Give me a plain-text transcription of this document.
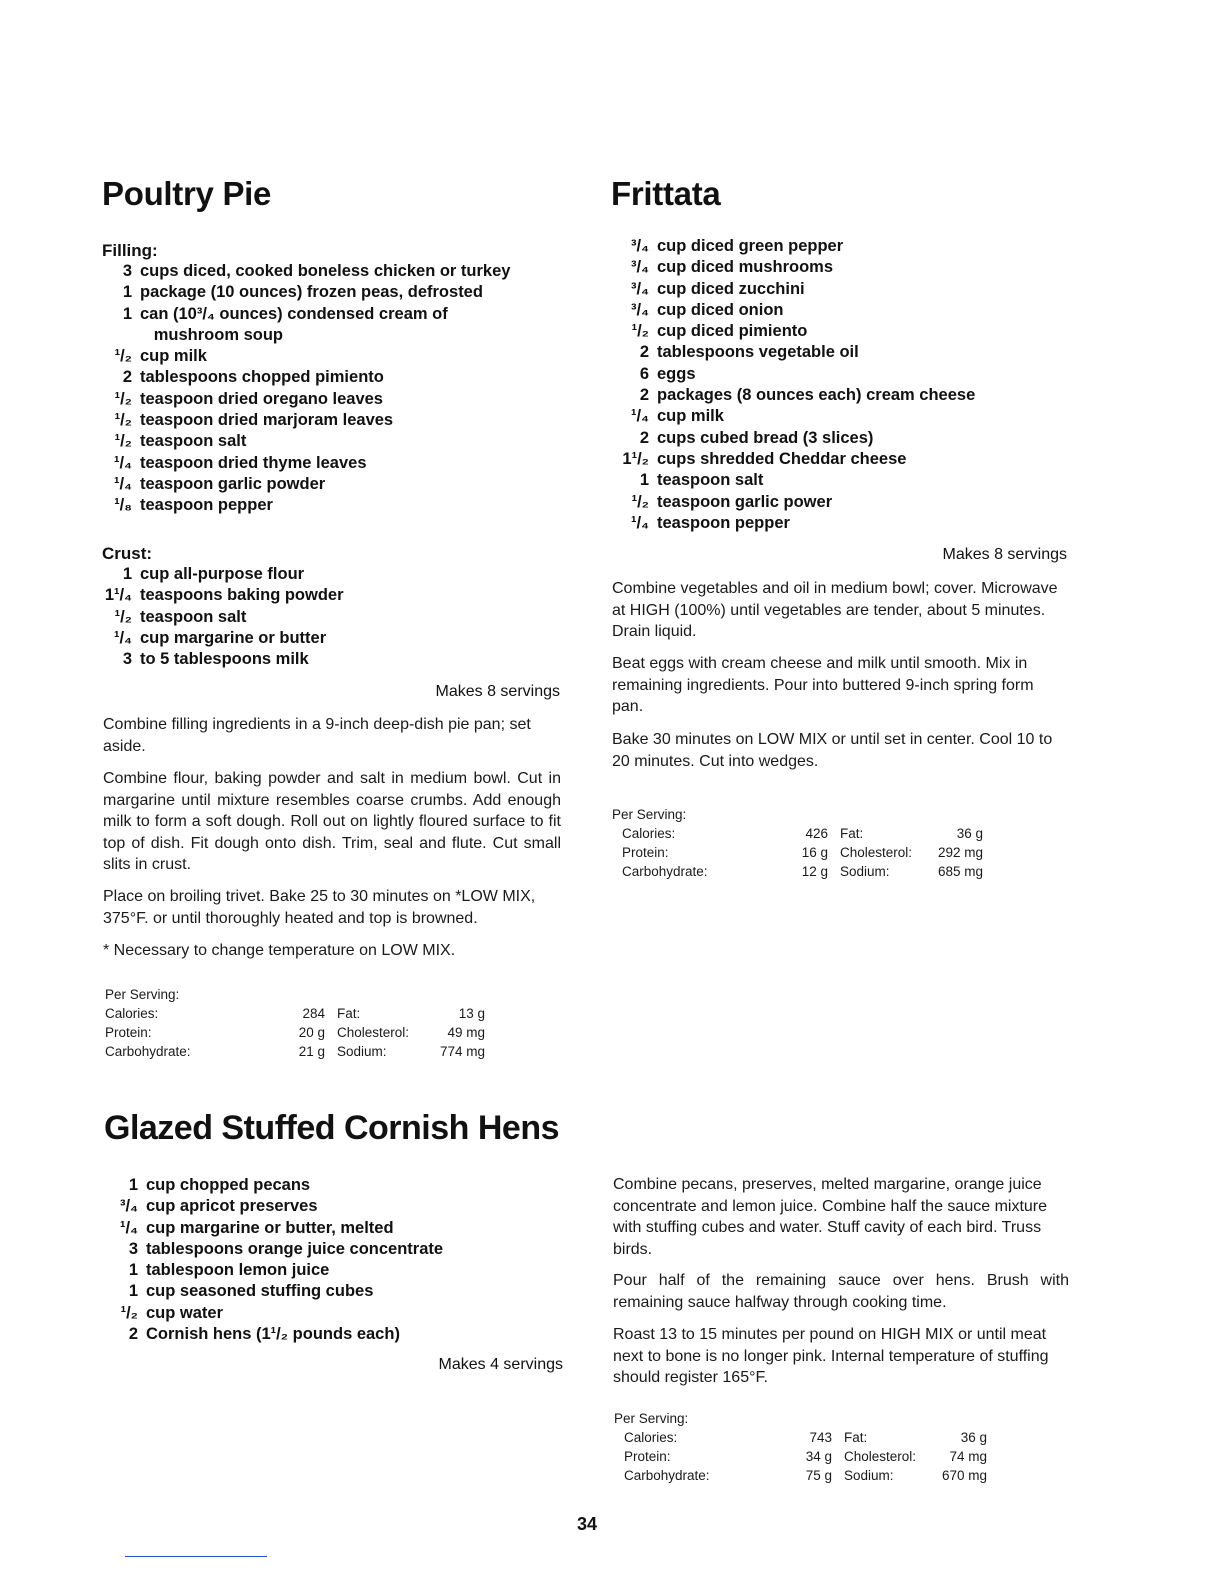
Poultry Pie

Filling:

3 cups diced, cooked boneless chicken or turkey
1 package (10 ounces) frozen peas, defrosted
1 can (10³/₄ ounces) condensed cream of
mushroom soup
¹/₂ cup milk
2 tablespoons chopped pimiento
¹/₂ teaspoon dried oregano leaves
¹/₂ teaspoon dried marjoram leaves
¹/₂ teaspoon salt
¹/₄ teaspoon dried thyme leaves
¹/₄ teaspoon garlic powder
¹/₈ teaspoon pepper

Crust:

1 cup all-purpose flour
1¹/₄ teaspoons baking powder
¹/₂ teaspoon salt
¹/₄ cup margarine or butter
3 to 5 tablespoons milk
Makes 8 servings

Combine filling ingredients in a 9-inch deep-dish pie pan; set aside.

Combine flour, baking powder and salt in medium bowl. Cut in margarine until mixture resembles coarse crumbs. Add enough milk to form a soft dough. Roll out on lightly floured surface to fit top of dish. Fit dough onto dish. Trim, seal and flute. Cut small slits in crust.

Place on broiling trivet. Bake 25 to 30 minutes on *LOW MIX, 375°F. or until thoroughly heated and top is browned.

* Necessary to change temperature on LOW MIX.

Per Serving:

Calories:	284	Fat:	13 g
Protein:	20 g	Cholesterol:	49 mg
Carbohydrate:	21 g	Sodium:	774 mg
Frittata
³/₄ cup diced green pepper
³/₄ cup diced mushrooms
³/₄ cup diced zucchini
³/₄ cup diced onion
¹/₂ cup diced pimiento
2 tablespoons vegetable oil
6 eggs
2 packages (8 ounces each) cream cheese
¹/₄ cup milk
2 cups cubed bread (3 slices)
1¹/₂ cups shredded Cheddar cheese
1 teaspoon salt
¹/₂ teaspoon garlic power
¹/₄ teaspoon pepper
Makes 8 servings

Combine vegetables and oil in medium bowl; cover. Microwave at HIGH (100%) until vegetables are tender, about 5 minutes. Drain liquid.

Beat eggs with cream cheese and milk until smooth. Mix in remaining ingredients. Pour into buttered 9-inch spring form pan.

Bake 30 minutes on LOW MIX or until set in center. Cool 10 to 20 minutes. Cut into wedges.

Per Serving:

Calories:	426	Fat:	36 g
Protein:	16 g	Cholesterol:	292 mg
Carbohydrate:	12 g	Sodium:	685 mg
Glazed Stuffed Cornish Hens
1 cup chopped pecans
³/₄ cup apricot preserves
¹/₄ cup margarine or butter, melted
3 tablespoons orange juice concentrate
1 tablespoon lemon juice
1 cup seasoned stuffing cubes
¹/₂ cup water
2 Cornish hens (1¹/₂ pounds each)
Makes 4 servings

Combine pecans, preserves, melted margarine, orange juice concentrate and lemon juice. Combine half the sauce mixture with stuffing cubes and water. Stuff cavity of each bird. Truss birds.

Pour half of the remaining sauce over hens. Brush with remaining sauce halfway through cooking time.

Roast 13 to 15 minutes per pound on HIGH MIX or until meat next to bone is no longer pink. Internal temperature of stuffing should register 165°F.

Per Serving:

Calories:	743	Fat:	36 g
Protein:	34 g	Cholesterol:	74 mg
Carbohydrate:	75 g	Sodium:	670 mg
34
